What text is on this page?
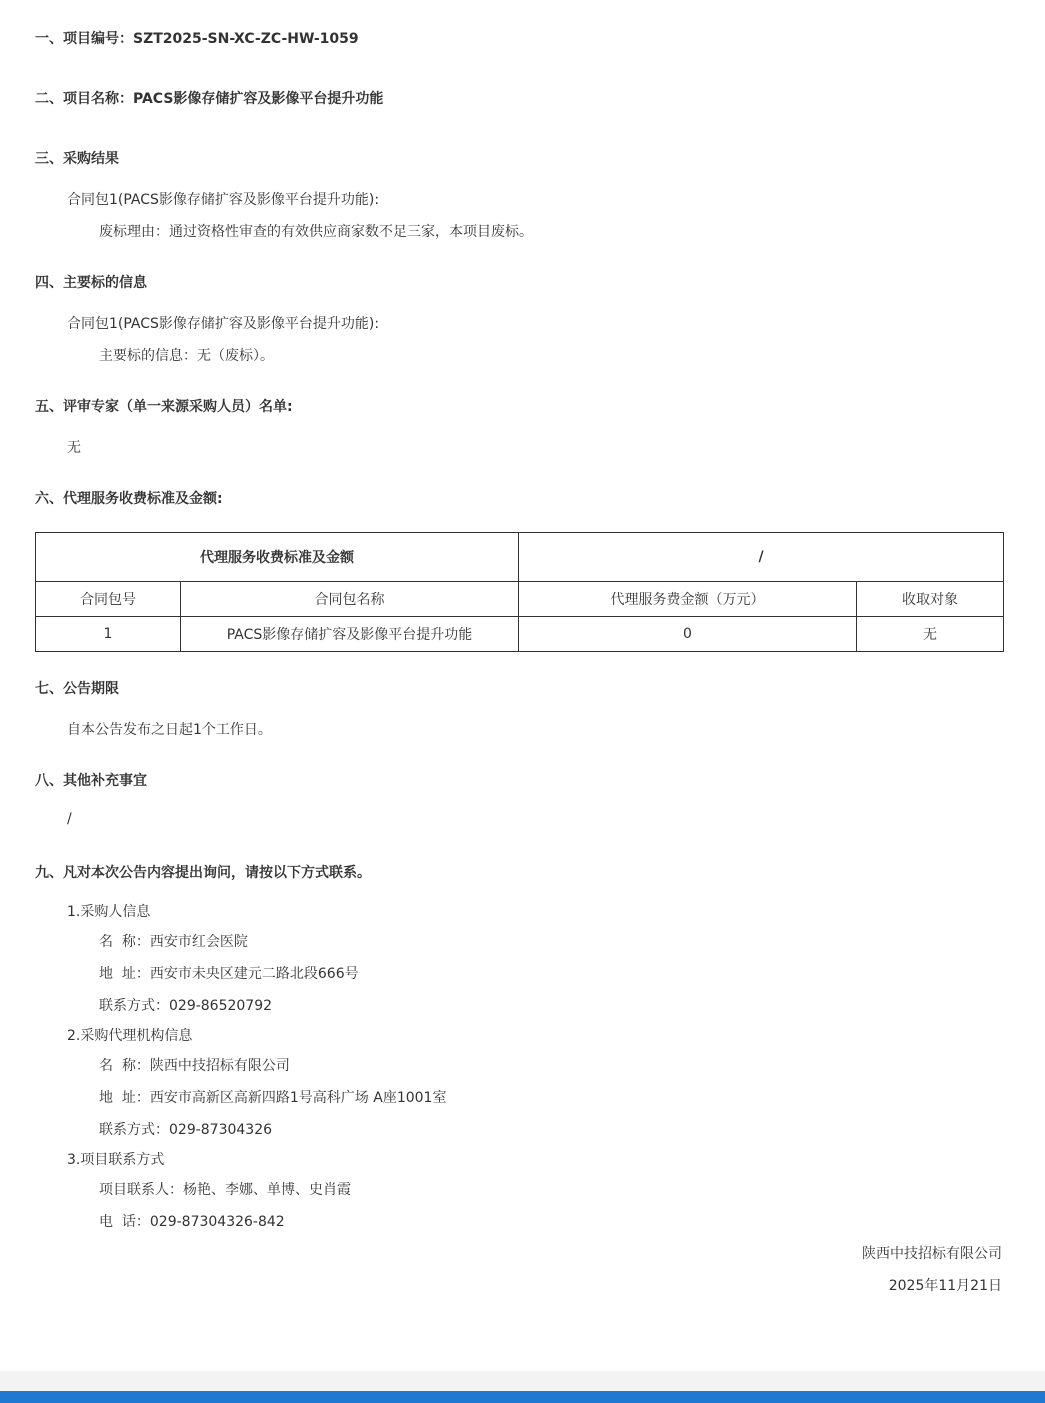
一、项目编号：SZT2025-SN-XC-ZC-HW-1059
二、项目名称：PACS影像存储扩容及影像平台提升功能
三、采购结果
合同包1(PACS影像存储扩容及影像平台提升功能):
废标理由：通过资格性审查的有效供应商家数不足三家，本项目废标。
四、主要标的信息
合同包1(PACS影像存储扩容及影像平台提升功能):
主要标的信息：无（废标）。
五、评审专家（单一来源采购人员）名单:
无
六、代理服务收费标准及金额:
代理服务收费标准及金额		/	
合同包号	合同包名称	代理服务费金额（万元）	收取对象
1	PACS影像存储扩容及影像平台提升功能	0	无
七、公告期限
自本公告发布之日起1个工作日。
八、其他补充事宜
/
九、凡对本次公告内容提出询问，请按以下方式联系。
1.采购人信息
名  称：西安市红会医院
地  址：西安市未央区建元二路北段666号
联系方式：029-86520792
2.采购代理机构信息
名  称：陕西中技招标有限公司
地  址：西安市高新区高新四路1号高科广场 A座1001室
联系方式：029-87304326
3.项目联系方式
项目联系人：杨艳、李娜、单博、史肖霞
电  话：029-87304326-842
陕西中技招标有限公司
2025年11月21日
